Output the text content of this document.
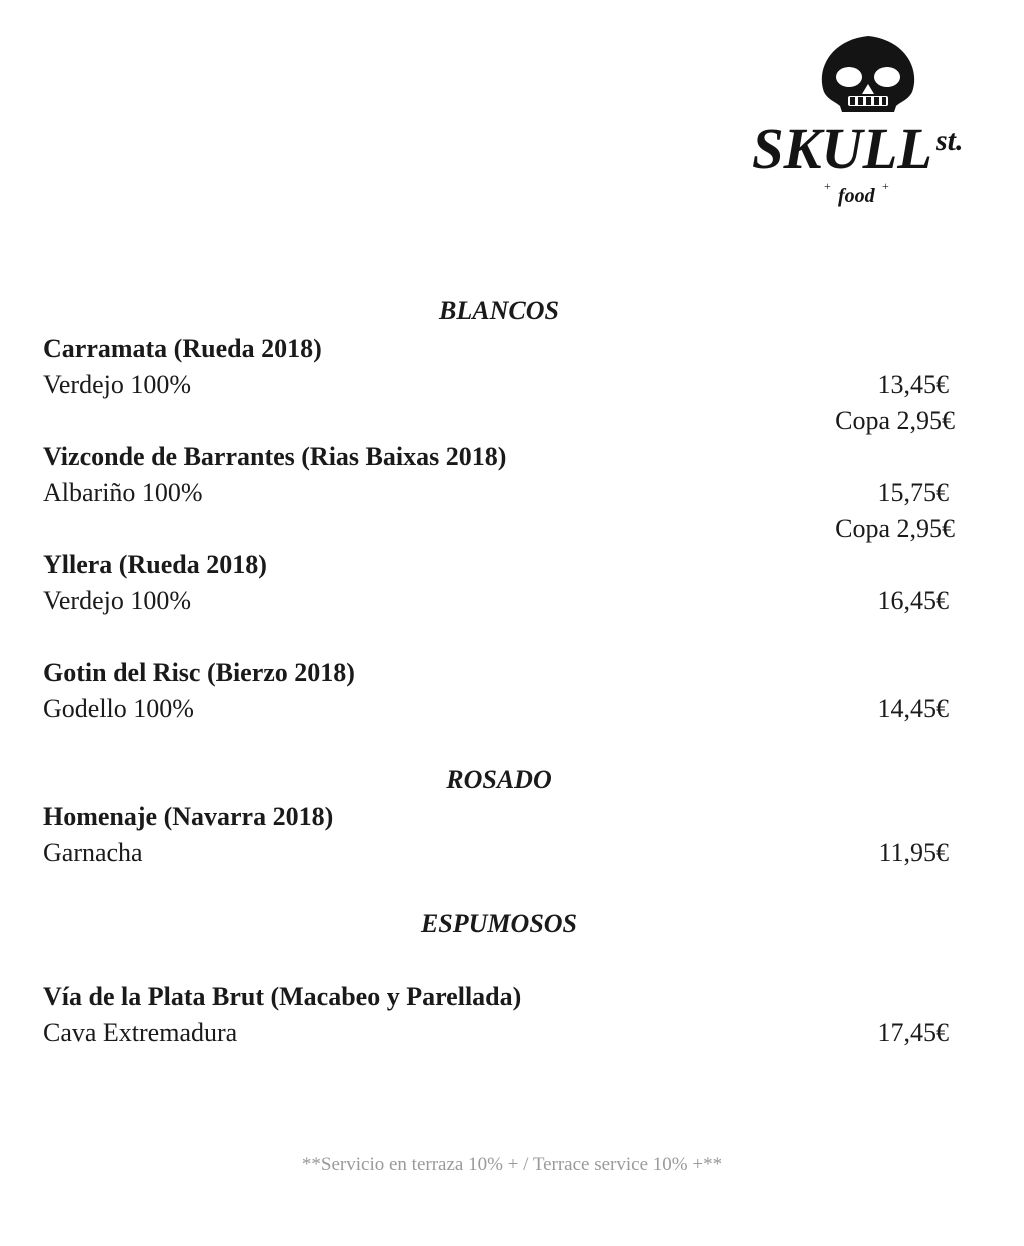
SKULL st.
+ food +
BLANCOS
Carramata (Rueda 2018)
Verdejo 100%	13,45€
Copa 2,95€
Vizconde de Barrantes (Rias Baixas 2018)
Albariño 100%	15,75€
Copa 2,95€
Yllera (Rueda 2018)
Verdejo 100%	16,45€
Gotin del Risc (Bierzo 2018)
Godello 100%	14,45€
ROSADO
Homenaje (Navarra 2018)
Garnacha	11,95€
ESPUMOSOS
Vía de la Plata Brut (Macabeo y Parellada)
Cava Extremadura	17,45€
**Servicio en terraza 10% + / Terrace service 10% +**
